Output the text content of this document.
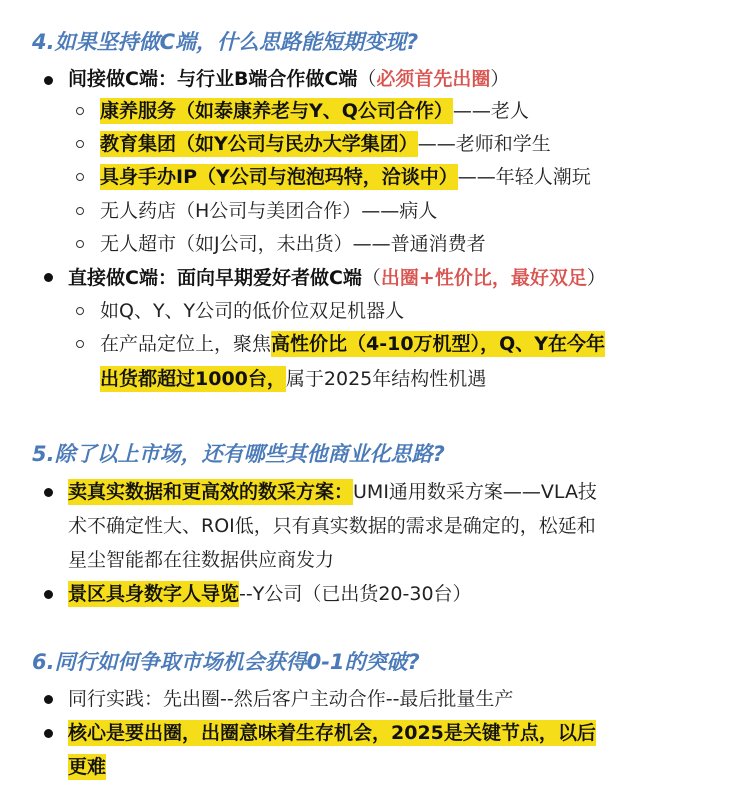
4.如果坚持做C端，什么思路能短期变现?
间接做C端：与行业B端合作做C端（必须首先出圈）
康养服务（如泰康养老与Y、Q公司合作）——老人
教育集团（如Y公司与民办大学集团）——老师和学生
具身手办IP（Y公司与泡泡玛特，洽谈中）——年轻人潮玩
无人药店（H公司与美团合作）——病人
无人超市（如J公司，未出货）——普通消费者
直接做C端：面向早期爱好者做C端（出圈+性价比，最好双足）
如Q、Y、Y公司的低价位双足机器人
在产品定位上，聚焦高性价比（4-10万机型），Q、Y在今年
出货都超过1000台，属于2025年结构性机遇
5.除了以上市场，还有哪些其他商业化思路?
卖真实数据和更高效的数采方案：UMI通用数采方案——VLA技
术不确定性大、ROI低，只有真实数据的需求是确定的，松延和
星尘智能都在往数据供应商发力
景区具身数字人导览--Y公司（已出货20-30台）
6.同行如何争取市场机会获得0-1的突破?
同行实践：先出圈--然后客户主动合作--最后批量生产
核心是要出圈，出圈意味着生存机会，2025是关键节点，以后
更难
